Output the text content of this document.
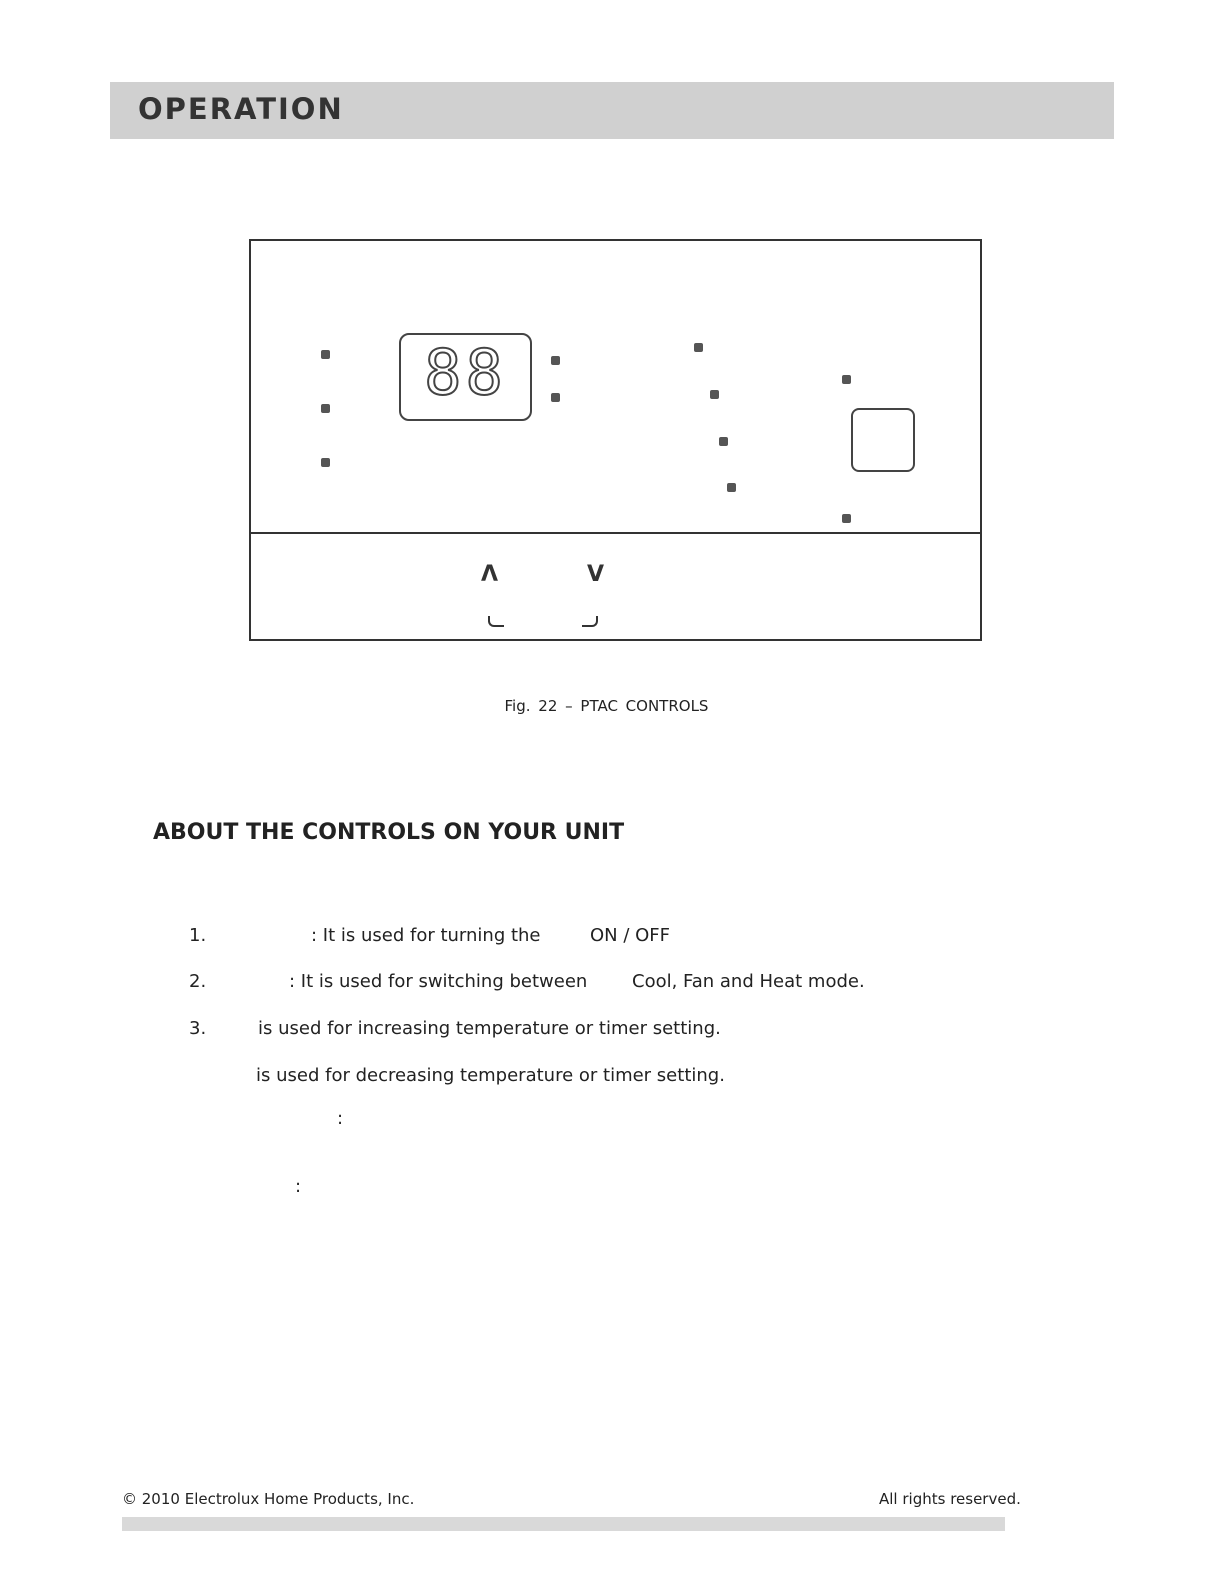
OPERATION
88
Λ	V
Fig. 22 – PTAC CONTROLS
ABOUT THE CONTROLS ON YOUR UNIT
1.	: It is used for turning the	ON / OFF
2.	: It is used for switching between Cool, Fan and Heat mode.
3.	is used for increasing temperature or timer setting.
is used for decreasing temperature or timer setting.
:
:
© 2010 Electrolux Home Products, Inc.	All rights reserved.
